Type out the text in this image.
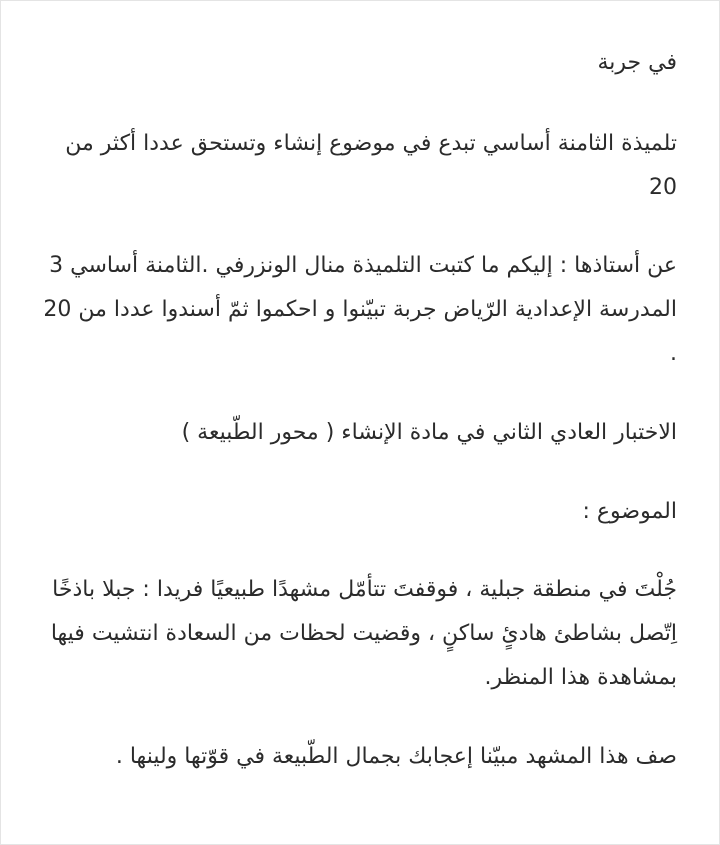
في جربة

تلميذة الثامنة أساسي تبدع في موضوع إنشاء وتستحق عددا أكثر من 20

عن أستاذها : إليكم ما كتبت التلميذة منال الونزرفي .الثامنة أساسي 3 المدرسة الإعدادية الرّياض جربة تبيّنوا و احكموا ثمّ أسندوا عددا من 20 .

الاختبار العادي الثاني في مادة الإنشاء ( محور الطّبيعة )

الموضوع :

جُلْتَ في منطقة جبلية ، فوقفتَ تتأمّل مشهدًا طبيعيًا فريدا : جبلا باذخًا اِتّصل بشاطئ هادئٍ ساكنٍ ، وقضيت لحظات من السعادة انتشيت فيها بمشاهدة هذا المنظر.

صف هذا المشهد مبيّنا إعجابك بجمال الطّبيعة في قوّتها ولينها .
